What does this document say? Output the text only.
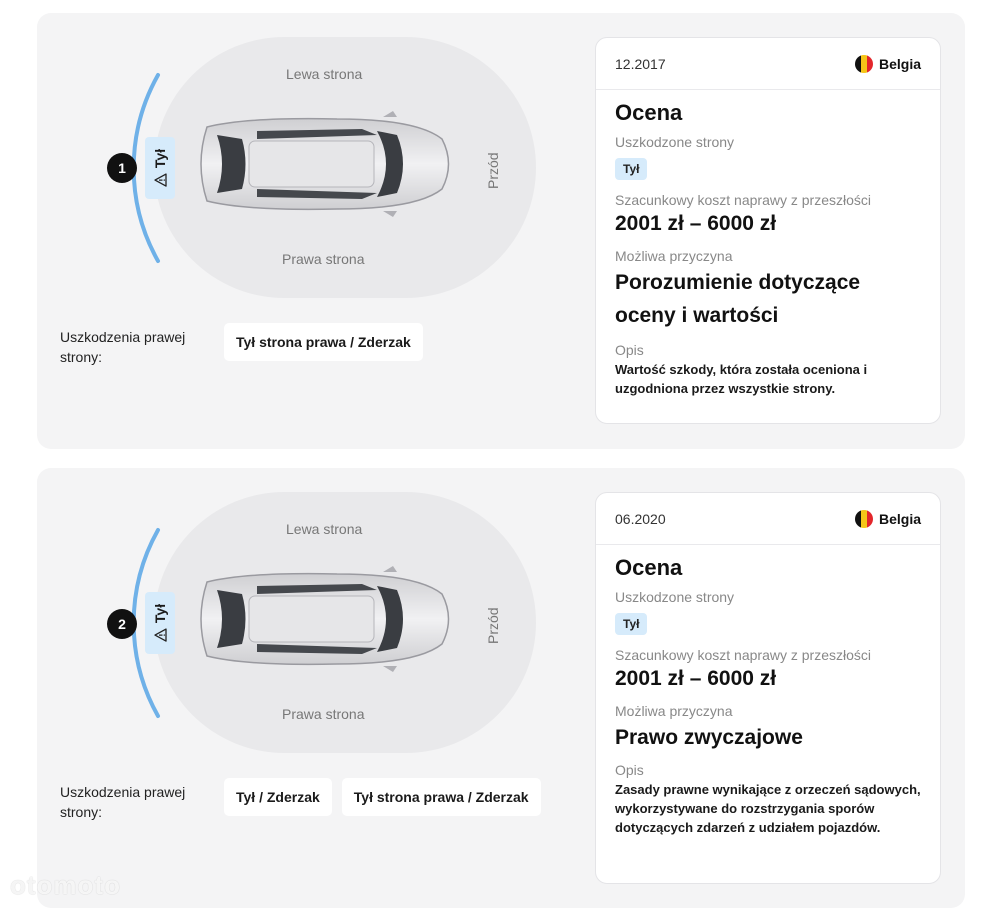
Lewa strona
Prawa strona
Przód
1	Tył
Uszkodzenia prawej strony:
Tył strona prawa / Zderzak
12.2017	Belgia
Ocena
Uszkodzone strony
Tył
Szacunkowy koszt naprawy z przeszłości
2001 zł – 6000 zł
Możliwa przyczyna
Porozumienie dotyczące oceny i wartości
Opis
Wartość szkody, która została oceniona i uzgodniona przez wszystkie strony.
Lewa strona
Prawa strona
Przód
2
Tył
Uszkodzenia prawej strony:
Tył / Zderzak	Tył strona prawa / Zderzak
06.2020	Belgia
Ocena
Uszkodzone strony
Tył
Szacunkowy koszt naprawy z przeszłości
2001 zł – 6000 zł
Możliwa przyczyna
Prawo zwyczajowe
Opis
Zasady prawne wynikające z orzeczeń sądowych, wykorzystywane do rozstrzygania sporów dotyczących zdarzeń z udziałem pojazdów.
otomoto
